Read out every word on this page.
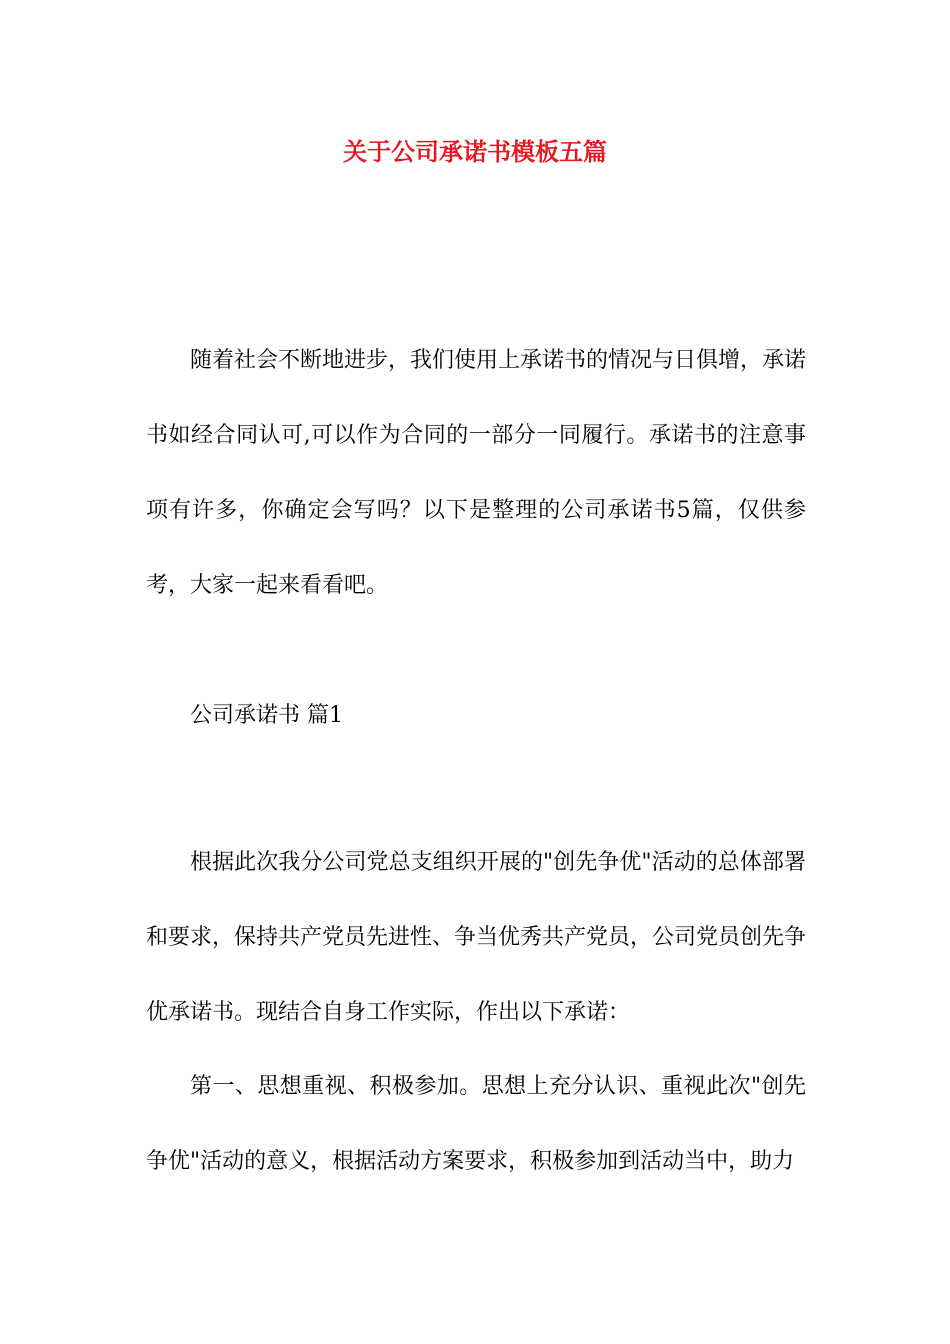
关于公司承诺书模板五篇

随着社会不断地进步，我们使用上承诺书的情况与日俱增，承诺书如经合同认可,可以作为合同的一部分一同履行。承诺书的注意事项有许多，你确定会写吗？以下是整理的公司承诺书5篇，仅供参考，大家一起来看看吧。

公司承诺书 篇1

根据此次我分公司党总支组织开展的"创先争优"活动的总体部署和要求，保持共产党员先进性、争当优秀共产党员，公司党员创先争优承诺书。现结合自身工作实际，作出以下承诺：

第一、思想重视、积极参加。思想上充分认识、重视此次"创先争优"活动的意义，根据活动方案要求，积极参加到活动当中，助力
